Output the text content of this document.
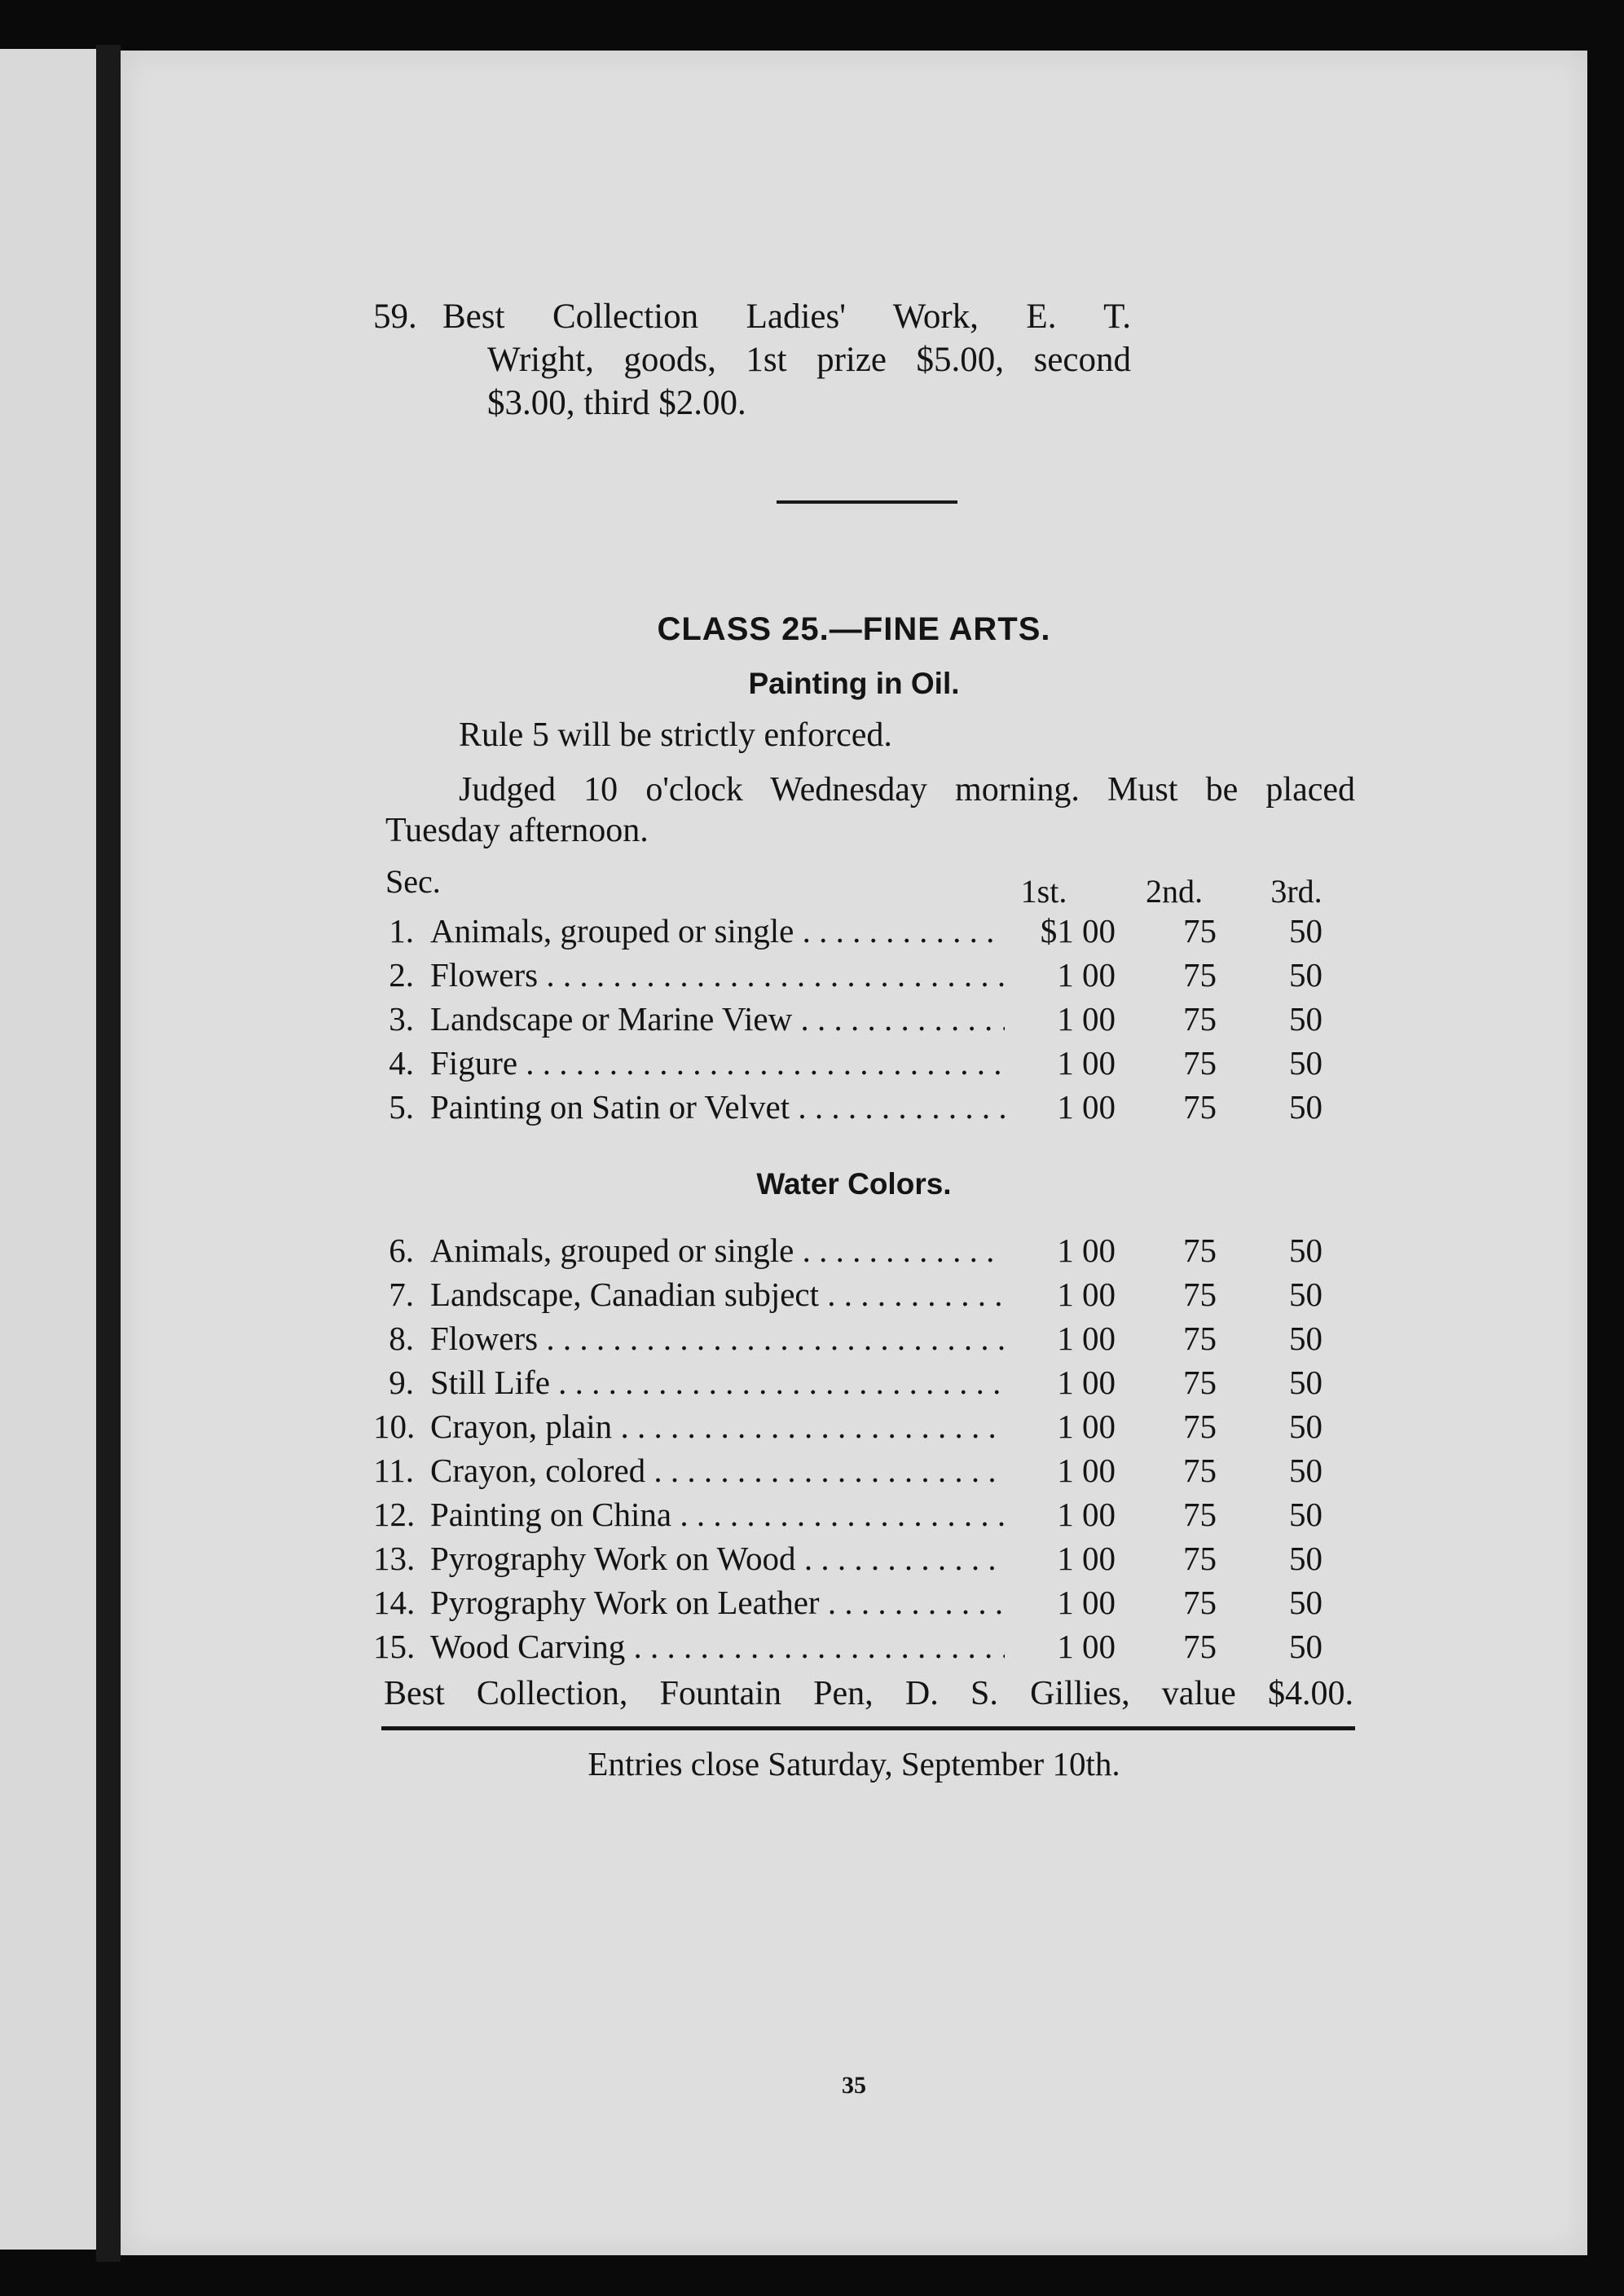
59. Best Collection Ladies' Work, E. T.
Wright, goods, 1st prize $5.00, second
$3.00, third $2.00.
CLASS 25.—FINE ARTS.
Painting in Oil.
Rule 5 will be strictly enforced.
Judged 10 o'clock Wednesday morning. Must be placed
Tuesday afternoon.
Sec.	1st.	2nd.	3rd.
1. Animals, grouped or single . . .	$1 00	75	50
2. Flowers . . .	1 00	75	50
3. Landscape or Marine View . . .	1 00	75	50
4. Figure . . .	1 00	75	50
5. Painting on Satin or Velvet . . .	1 00	75	50
Water Colors.
6. Animals, grouped or single . . .	1 00	75	50
7. Landscape, Canadian subject . . .	1 00	75	50
8. Flowers . . .	1 00	75	50
9. Still Life . . .	1 00	75	50
10. Crayon, plain . . .	1 00	75	50
11. Crayon, colored . . .	1 00	75	50
12. Painting on China . . .	1 00	75	50
13. Pyrography Work on Wood . . .	1 00	75	50
14. Pyrography Work on Leather . . .	1 00	75	50
15. Wood Carving . . .	1 00	75	50
Best Collection, Fountain Pen, D. S. Gillies, value $4.00.
Entries close Saturday, September 10th.
35
